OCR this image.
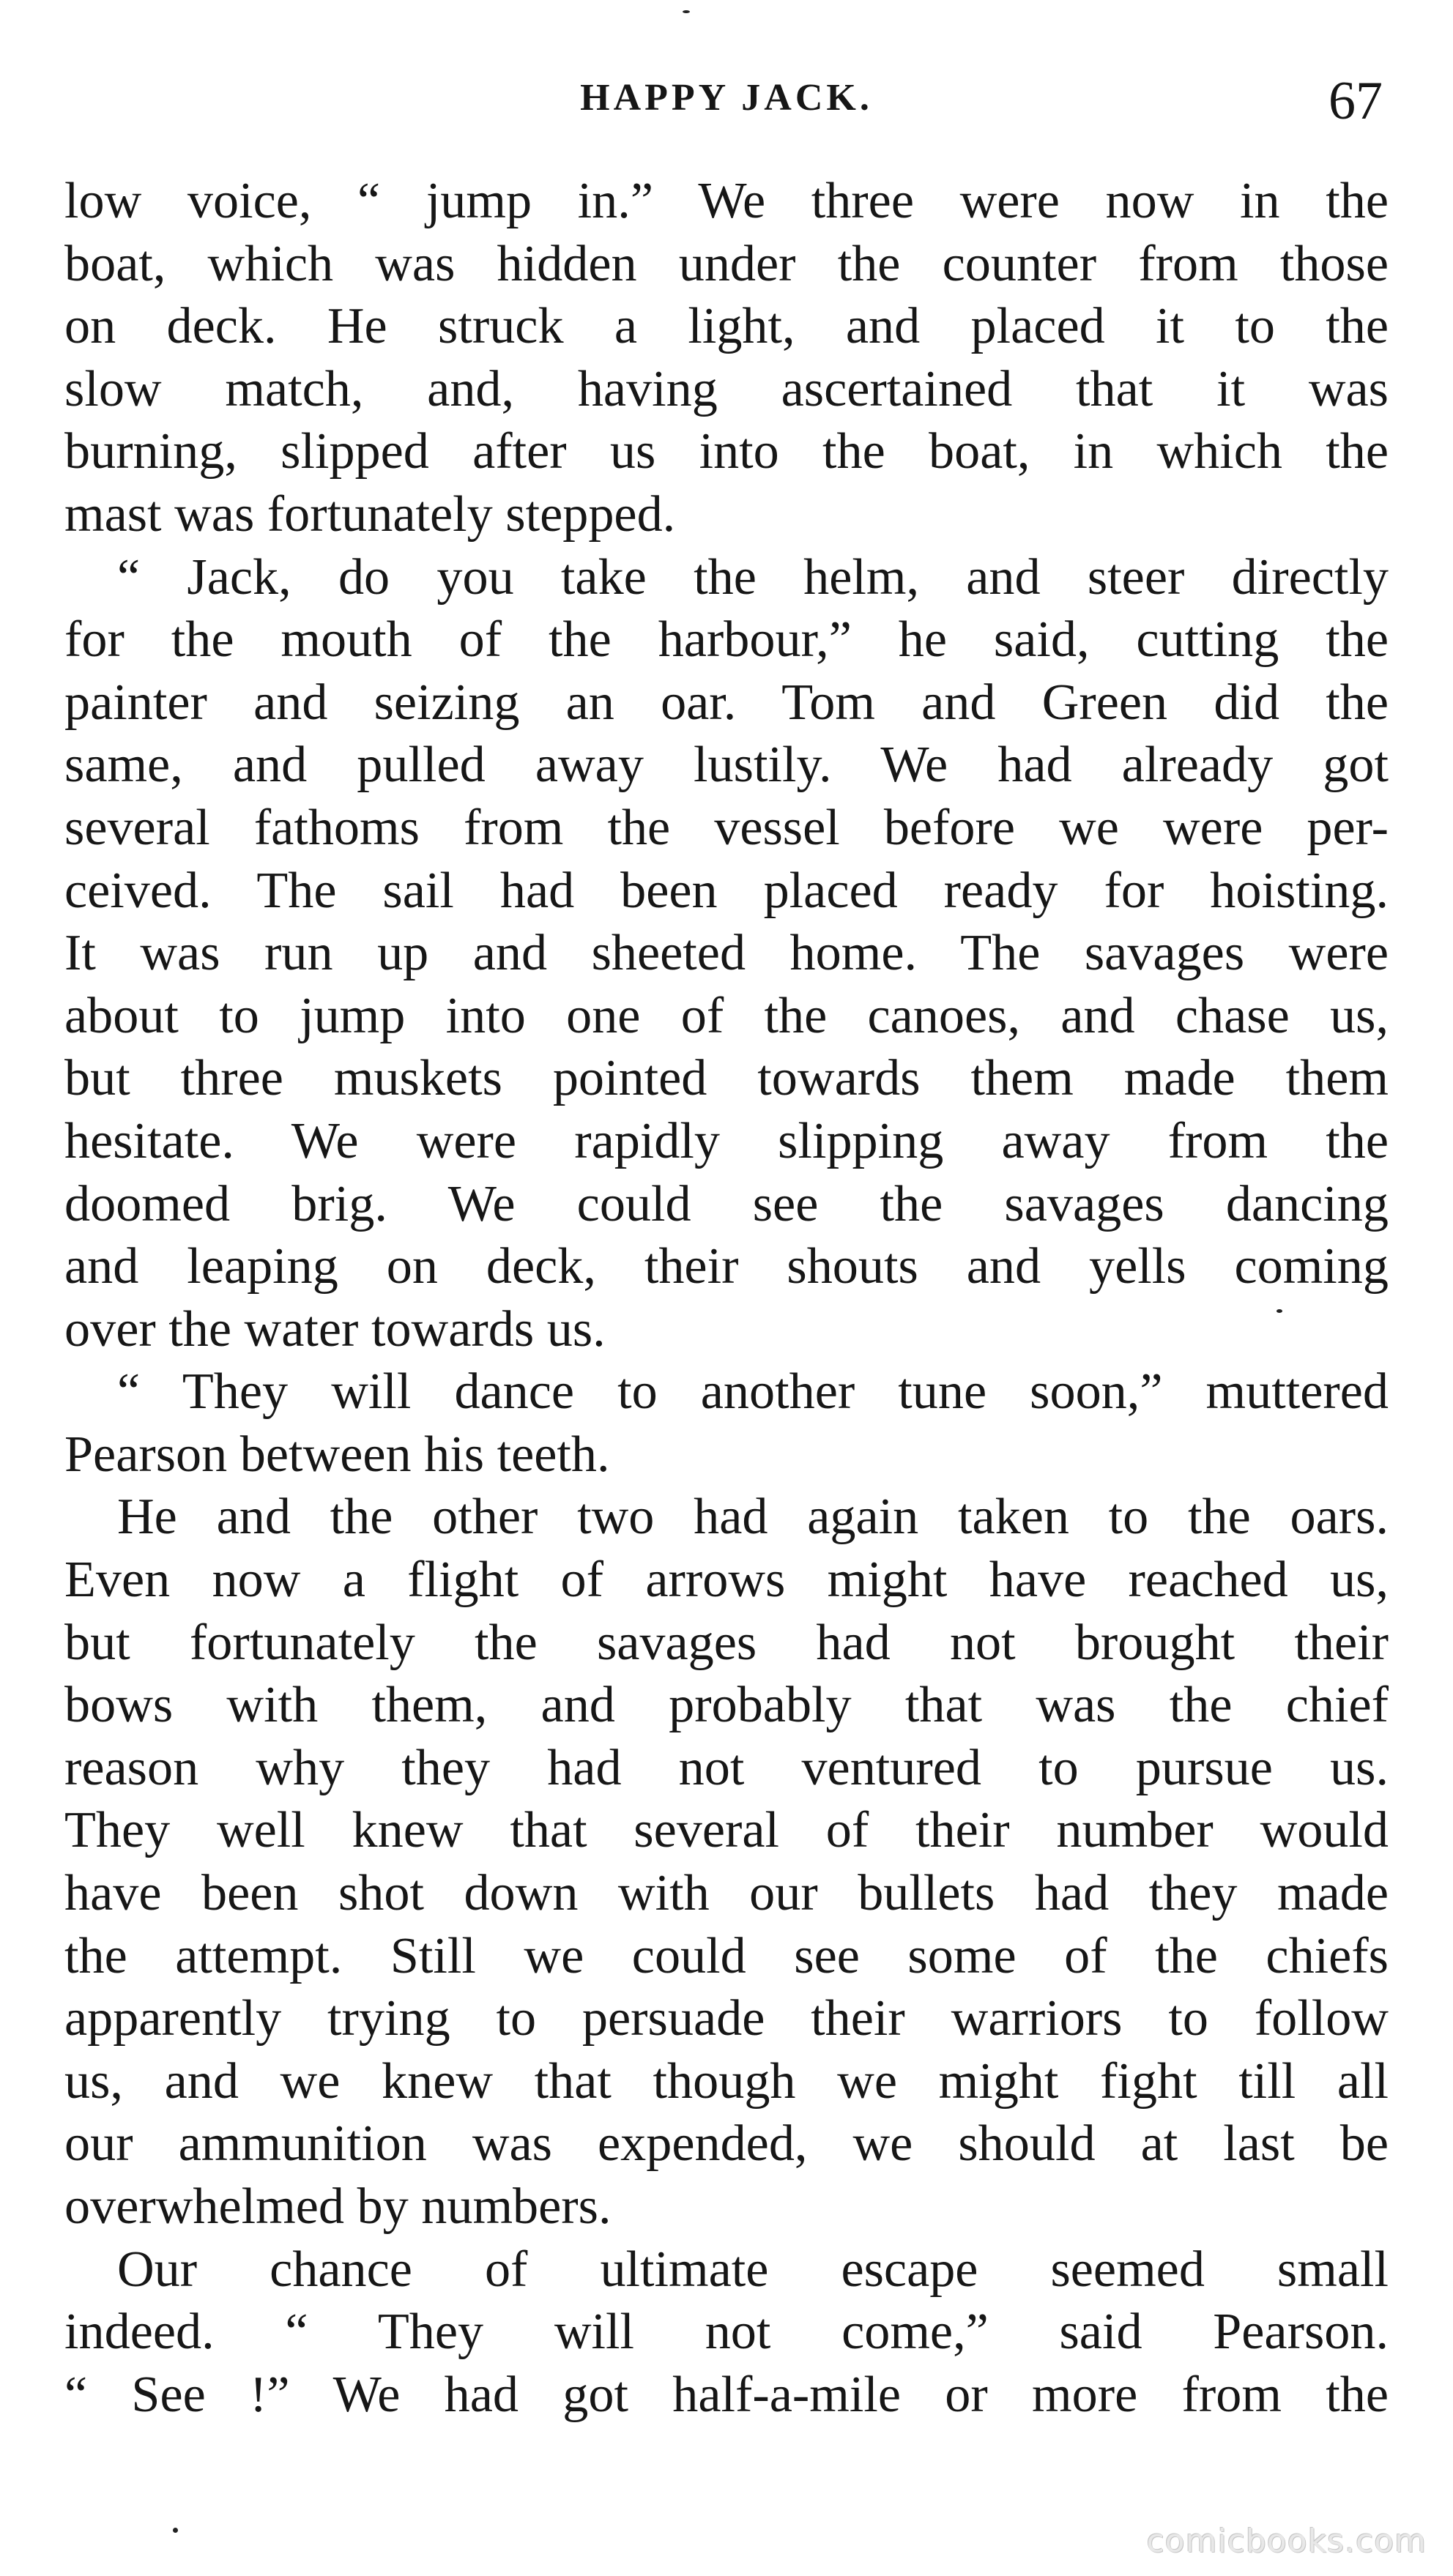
HAPPY JACK.	67
low voice, “ jump in.” We three were now in the
boat, which was hidden under the counter from those
on deck. He struck a light, and placed it to the
slow match, and, having ascertained that it was
burning, slipped after us into the boat, in which the
mast was fortunately stepped.
“ Jack, do you take the helm, and steer directly
for the mouth of the harbour,” he said, cutting the
painter and seizing an oar. Tom and Green did the
same, and pulled away lustily. We had already got
several fathoms from the vessel before we were per-
ceived. The sail had been placed ready for hoisting.
It was run up and sheeted home. The savages were
about to jump into one of the canoes, and chase us,
but three muskets pointed towards them made them
hesitate. We were rapidly slipping away from the
doomed brig. We could see the savages dancing
and leaping on deck, their shouts and yells coming
over the water towards us.
“ They will dance to another tune soon,” muttered
Pearson between his teeth.
He and the other two had again taken to the oars.
Even now a flight of arrows might have reached us,
but fortunately the savages had not brought their
bows with them, and probably that was the chief
reason why they had not ventured to pursue us.
They well knew that several of their number would
have been shot down with our bullets had they made
the attempt. Still we could see some of the chiefs
apparently trying to persuade their warriors to follow
us, and we knew that though we might fight till all
our ammunition was expended, we should at last be
overwhelmed by numbers.
Our chance of ultimate escape seemed small
indeed. “ They will not come,” said Pearson.
“ See !” We had got half-a-mile or more from the
comicbooks.com
